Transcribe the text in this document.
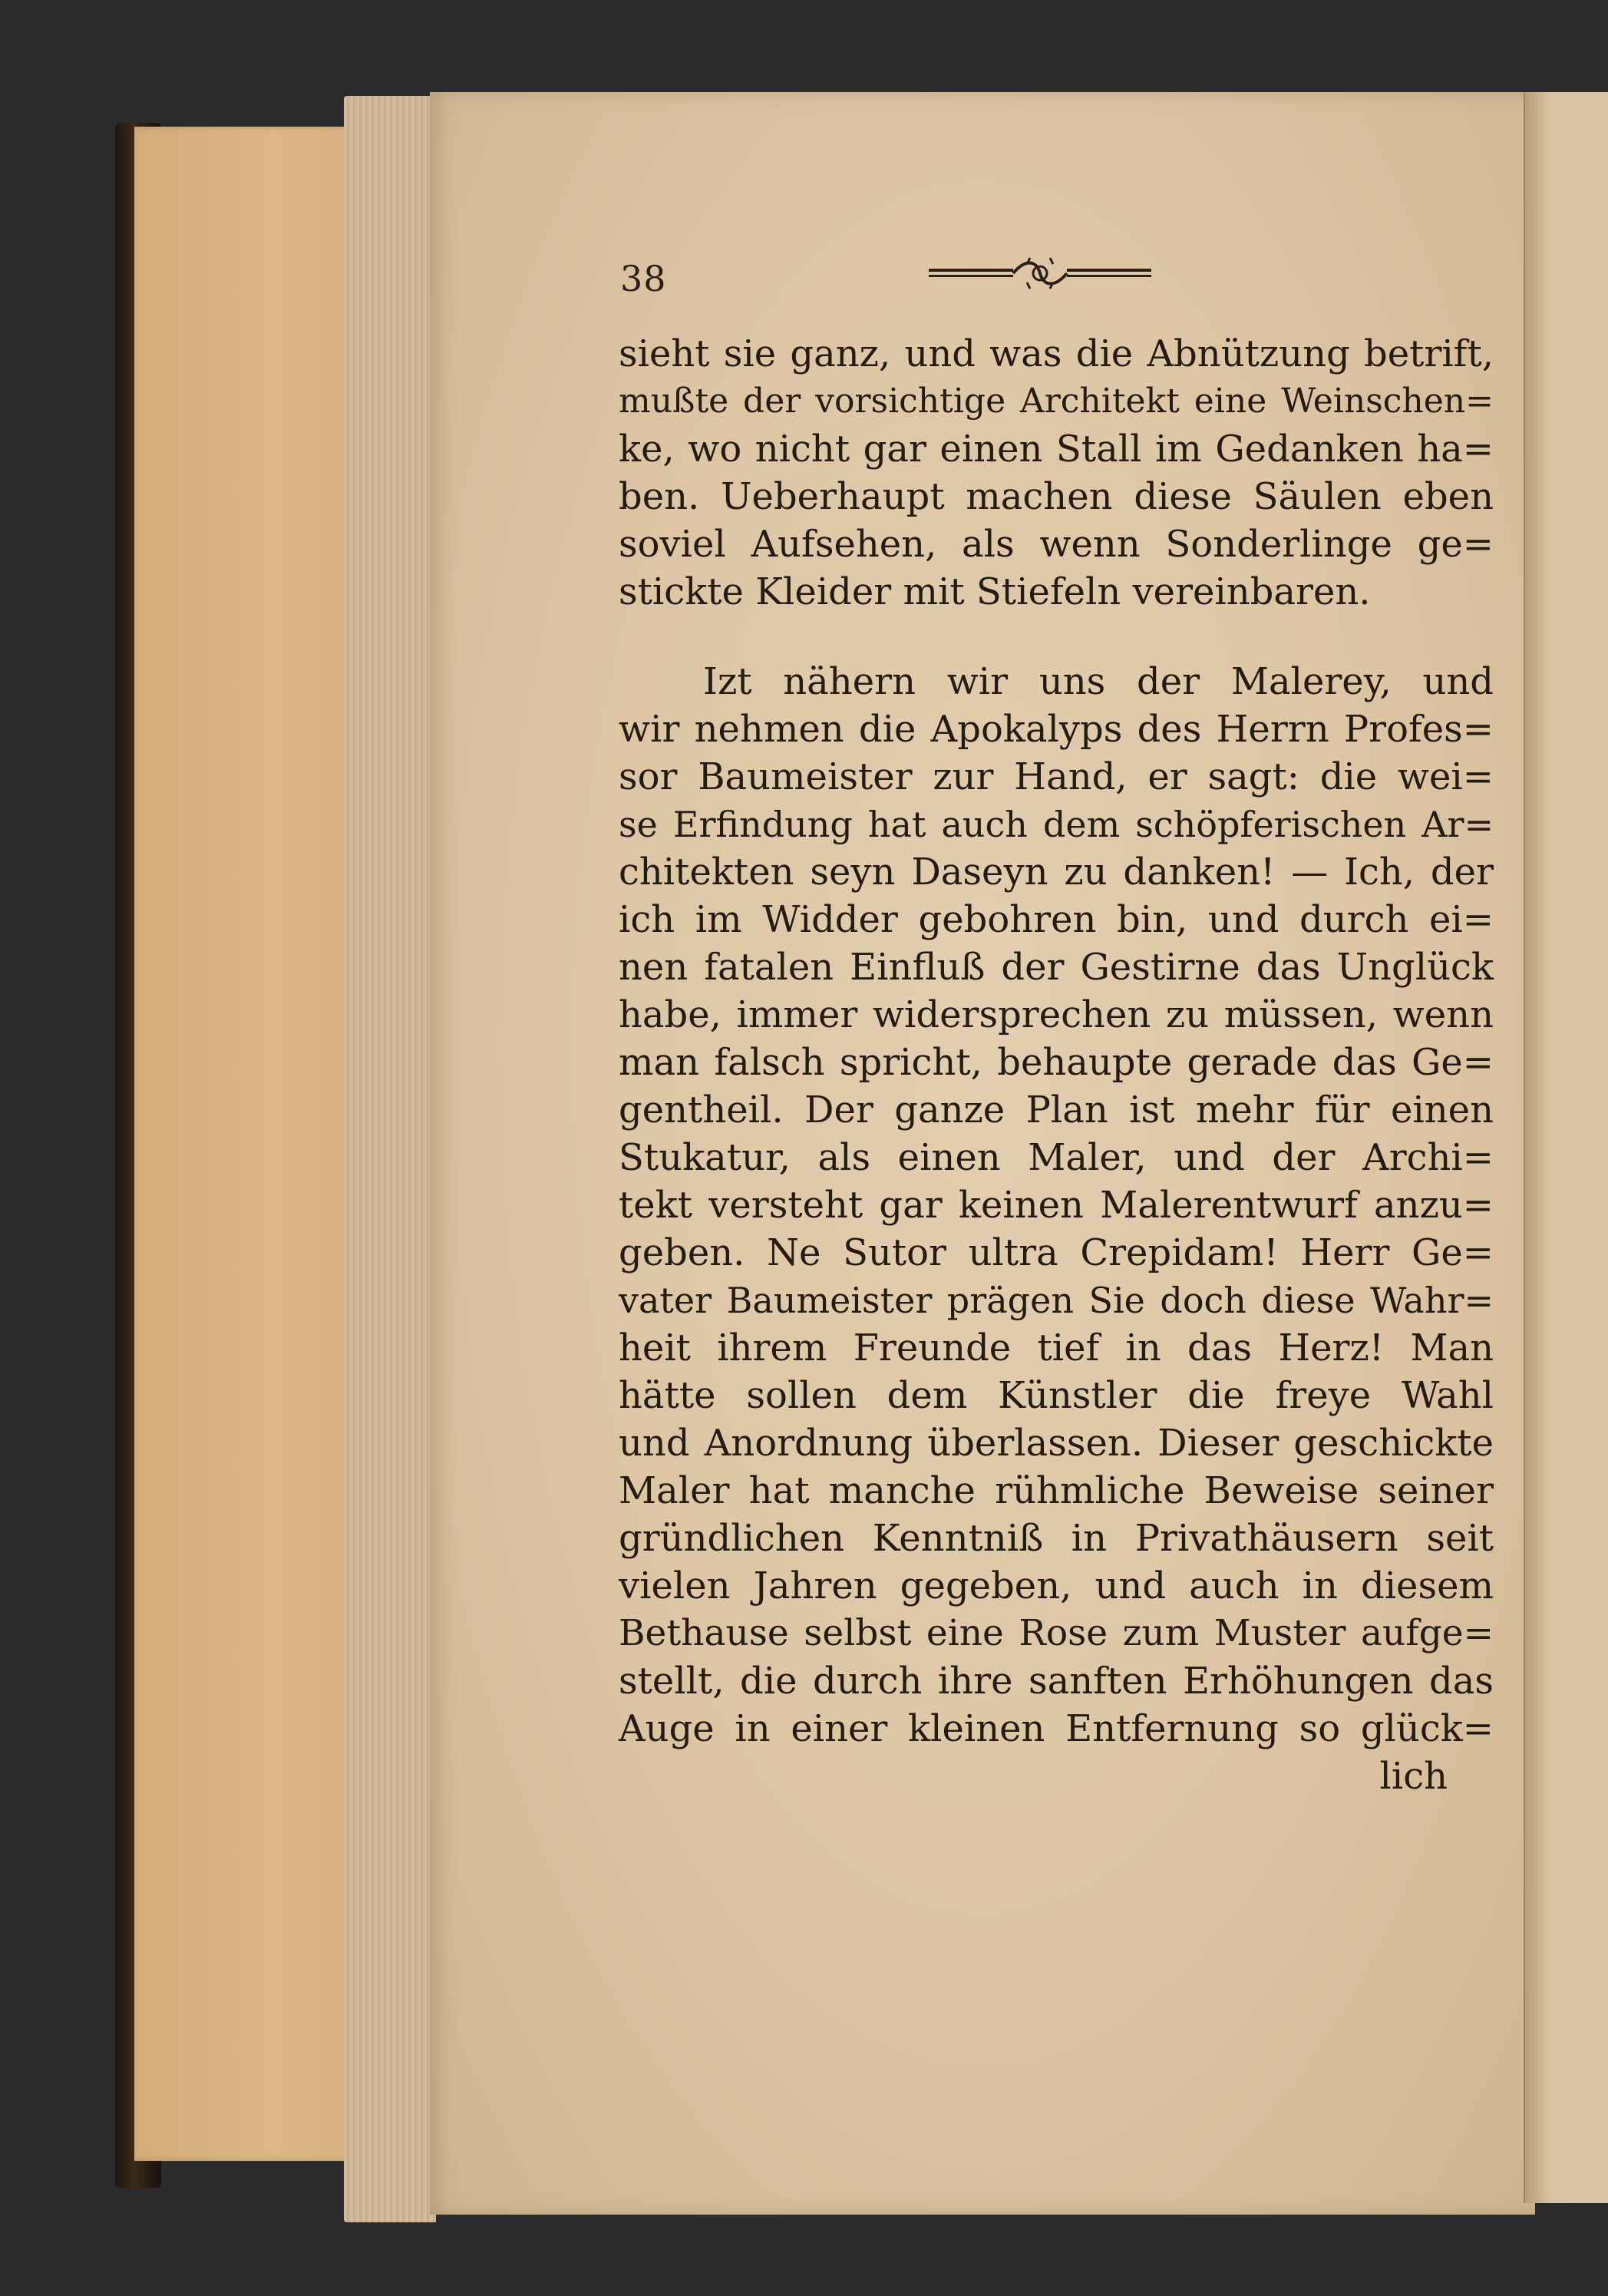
38
sieht sie ganz, und was die Abnützung betrift,
mußte der vorsichtige Architekt eine Weinschen=
ke, wo nicht gar einen Stall im Gedanken ha=
ben. Ueberhaupt machen diese Säulen eben
soviel Aufsehen, als wenn Sonderlinge ge=
stickte Kleider mit Stiefeln vereinbaren.
Izt nähern wir uns der Malerey, und
wir nehmen die Apokalyps des Herrn Profes=
sor Baumeister zur Hand, er sagt: die wei=
se Erfindung hat auch dem schöpferischen Ar=
chitekten seyn Daseyn zu danken! — Ich, der
ich im Widder gebohren bin, und durch ei=
nen fatalen Einfluß der Gestirne das Unglück
habe, immer widersprechen zu müssen, wenn
man falsch spricht, behaupte gerade das Ge=
gentheil. Der ganze Plan ist mehr für einen
Stukatur, als einen Maler, und der Archi=
tekt versteht gar keinen Malerentwurf anzu=
geben. Ne Sutor ultra Crepidam! Herr Ge=
vater Baumeister prägen Sie doch diese Wahr=
heit ihrem Freunde tief in das Herz! Man
hätte sollen dem Künstler die freye Wahl
und Anordnung überlassen. Dieser geschickte
Maler hat manche rühmliche Beweise seiner
gründlichen Kenntniß in Privathäusern seit
vielen Jahren gegeben, und auch in diesem
Bethause selbst eine Rose zum Muster aufge=
stellt, die durch ihre sanften Erhöhungen das
Auge in einer kleinen Entfernung so glück=
lich
